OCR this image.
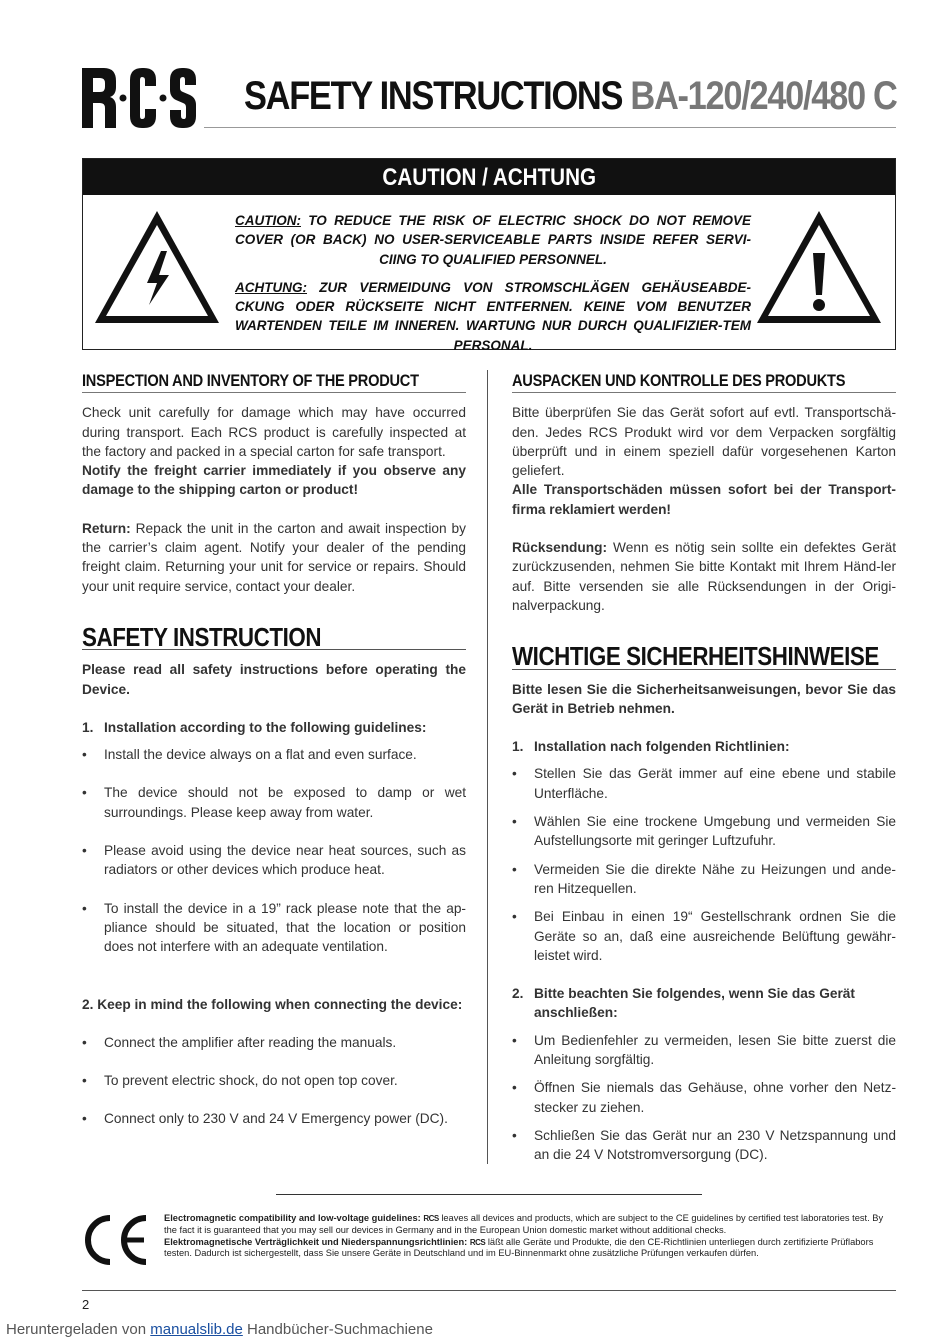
SAFETY INSTRUCTIONS BA-120/240/480 C
CAUTION / ACHTUNG

CAUTION: TO REDUCE THE RISK OF ELECTRIC SHOCK DO NOT REMOVE COVER (OR BACK) NO USER-SERVICEABLE PARTS INSIDE REFER SERVI-CIING TO QUALIFIED PERSONNEL.

ACHTUNG: ZUR VERMEIDUNG VON STROMSCHLÄGEN GEHÄUSEABDE-CKUNG ODER RÜCKSEITE NICHT ENTFERNEN. KEINE VOM BENUTZER WARTENDEN TEILE IM INNEREN. WARTUNG NUR DURCH QUALIFIZIER-TEM PERSONAL.

INSPECTION AND INVENTORY OF THE PRODUCT

Check unit carefully for damage which may have occurred during transport. Each RCS product is carefully inspected at the factory and packed in a special carton for safe transport.

Notify the freight carrier immediately if you observe any damage to the shipping carton or product!

Return: Repack the unit in the carton and await inspection by the carrier’s claim agent. Notify your dealer of the pending freight claim. Returning your unit for service or repairs. Should your unit require service, contact your dealer.

SAFETY INSTRUCTION

Please read all safety instructions before operating the Device.

1. Installation according to the following guidelines:

• Install the device always on a flat and even surface.

• The device should not be exposed to damp or wet surroundings. Please keep away from water.

• Please avoid using the device near heat sources, such as radiators or other devices which produce heat.

• To install the device in a 19” rack please note that the ap-pliance should be situated, that the location or position does not interfere with an adequate ventilation.

2. Keep in mind the following when connecting the device:

• Connect the amplifier after reading the manuals.

• To prevent electric shock, do not open top cover.

• Connect only to 230 V and 24 V Emergency power (DC).

AUSPACKEN UND KONTROLLE DES PRODUKTS

Bitte überprüfen Sie das Gerät sofort auf evtl. Transportschä-den. Jedes RCS Produkt wird vor dem Verpacken sorgfältig überprüft und in einem speziell dafür vorgesehenen Karton geliefert.

Alle Transportschäden müssen sofort bei der Transport-firma reklamiert werden!

Rücksendung: Wenn es nötig sein sollte ein defektes Gerät zurückzusenden, nehmen Sie bitte Kontakt mit Ihrem Händ-ler auf. Bitte versenden sie alle Rücksendungen in der Origi-nalverpackung.

WICHTIGE SICHERHEITSHINWEISE

Bitte lesen Sie die Sicherheitsanweisungen, bevor Sie das Gerät in Betrieb nehmen.

1. Installation nach folgenden Richtlinien:

• Stellen Sie das Gerät immer auf eine ebene und stabile Unterfläche.

• Wählen Sie eine trockene Umgebung und vermeiden Sie Aufstellungsorte mit geringer Luftzufuhr.

• Vermeiden Sie die direkte Nähe zu Heizungen und ande-ren Hitzequellen.

• Bei Einbau in einen 19“ Gestellschrank ordnen Sie die Geräte so an, daß eine ausreichende Belüftung gewähr-leistet wird.

2. Bitte beachten Sie folgendes, wenn Sie das Gerät anschließen:

• Um Bedienfehler zu vermeiden, lesen Sie bitte zuerst die Anleitung sorgfältig.

• Öffnen Sie niemals das Gehäuse, ohne vorher den Netz-stecker zu ziehen.

• Schließen Sie das Gerät nur an 230 V Netzspannung und an die 24 V Notstromversorgung (DC).

Electromagnetic compatibility and low-voltage guidelines: RCS leaves all devices and products, which are subject to the CE guidelines by certified test laboratories test. By the fact it is guaranteed that you may sell our devices in Germany and in the European Union domestic market without additional checks.

Elektromagnetische Verträglichkeit und Niederspannungsrichtlinien: RCS läßt alle Geräte und Produkte, die den CE-Richtlinien unterliegen durch zertifizierte Prüflabors testen. Dadurch ist sichergestellt, dass Sie unsere Geräte in Deutschland und im EU-Binnenmarkt ohne zusätzliche Prüfungen verkaufen dürfen.

2
Heruntergeladen von manualslib.de Handbücher-Suchmachiene
